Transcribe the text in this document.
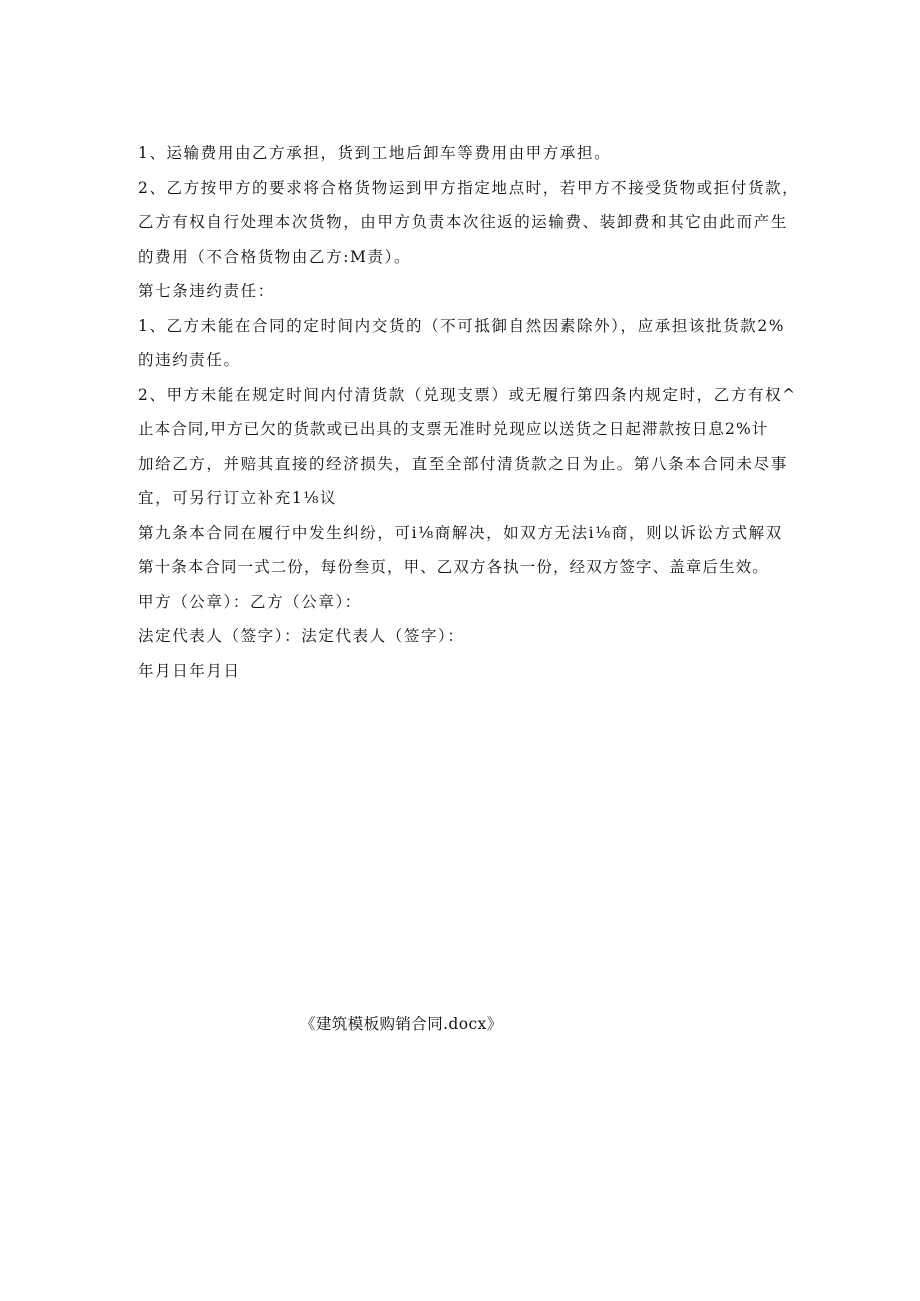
1、运输费用由乙方承担，货到工地后卸车等费用由甲方承担。
2、乙方按甲方的要求将合格货物运到甲方指定地点时，若甲方不接受货物或拒付货款，
乙方有权自行处理本次货物，由甲方负责本次往返的运输费、装卸费和其它由此而产生
的费用（不合格货物由乙方:M责）。
第七条违约责任：
1、乙方未能在合同的定时间内交货的（不可抵御自然因素除外），应承担该批货款2%
的违约责任。
2、甲方未能在规定时间内付清货款（兑现支票）或无履行第四条内规定时，乙方有权^
止本合同,甲方已欠的货款或已出具的支票无准时兑现应以送货之日起滞款按日息2%计
加给乙方，并赔其直接的经济损失，直至全部付清货款之日为止。第八条本合同未尽事
宜，可另行订立补充1⅛议
第九条本合同在履行中发生纠纷，可i⅛商解决，如双方无法i⅛商，则以诉讼方式解双
第十条本合同一式二份，每份叁页，甲、乙双方各执一份，经双方签字、盖章后生效。
甲方（公章）：乙方（公章）：
法定代表人（签字）：法定代表人（签字）：
年月日年月日
《建筑模板购销合同.docx》
